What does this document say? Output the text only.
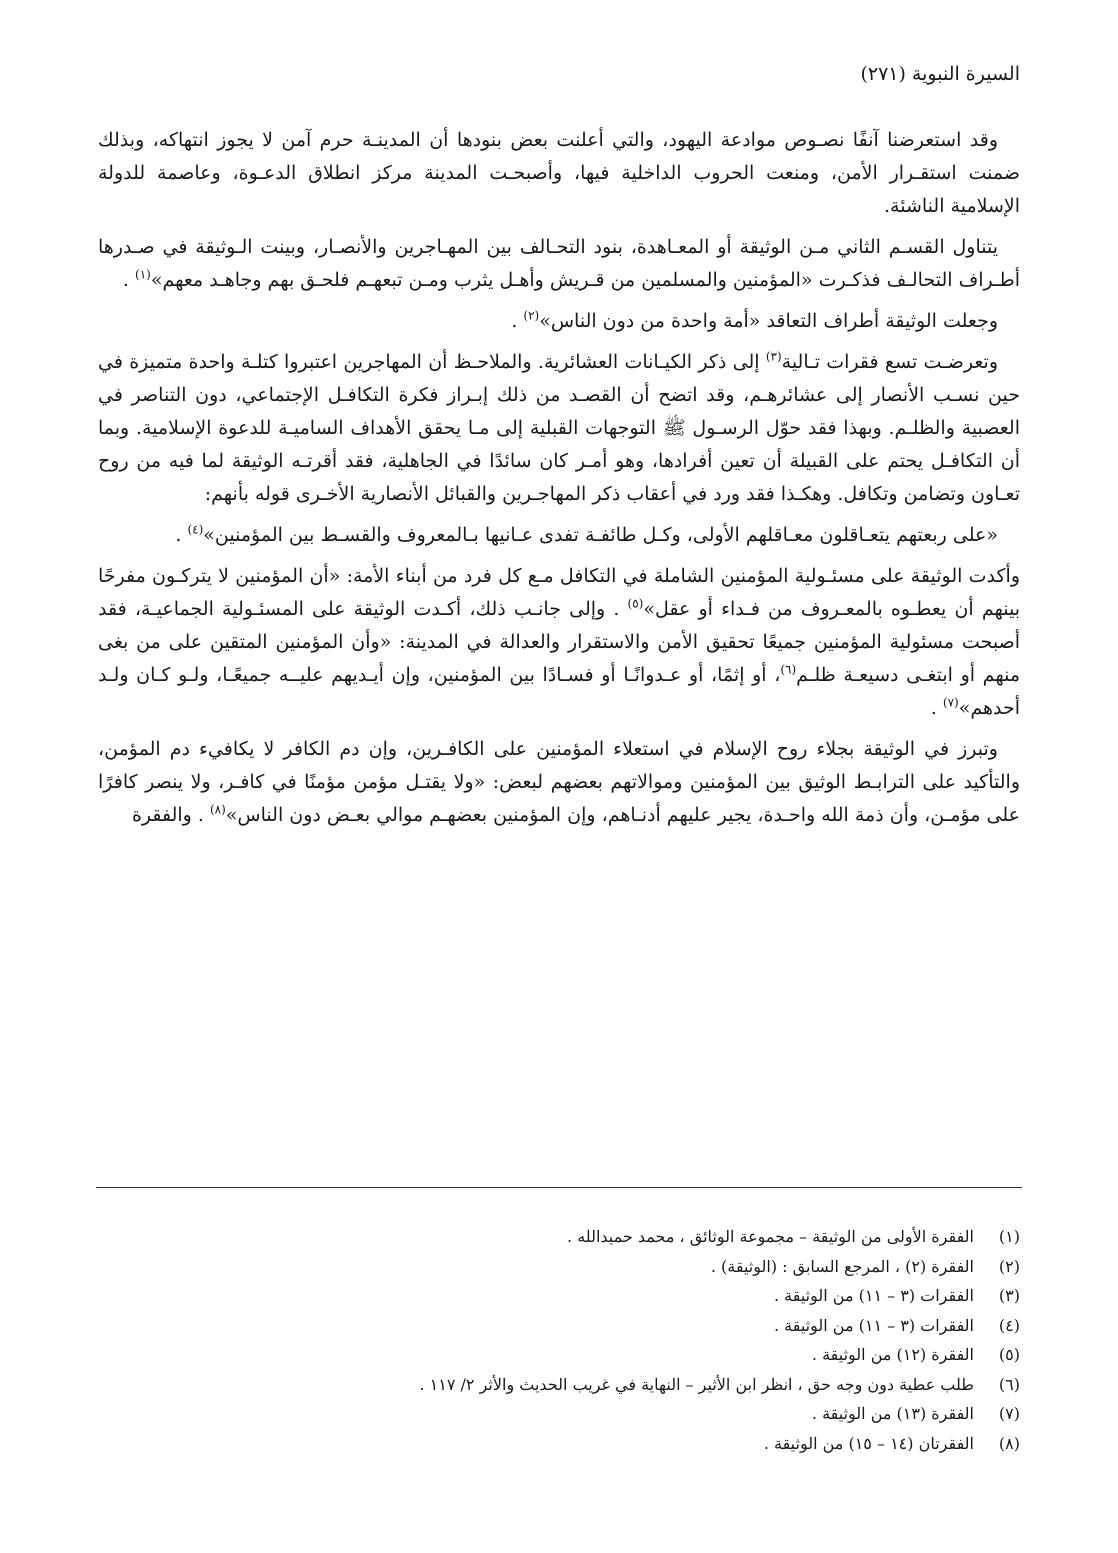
السيرة النبوية (٢٧١)

وقد استعرضنا آنفًا نصـوص موادعة اليهود، والتي أعلنت بعض بنودها أن المدينـة حرم آمن لا يجوز انتهاكه، وبذلك ضمنت استقـرار الأمن، ومنعت الحروب الداخلية فيها، وأصبحـت المدينة مركز انطلاق الدعـوة، وعاصمة للدولة الإسلامية الناشئة.

يتناول القسـم الثاني مـن الوثيقة أو المعـاهدة، بنود التحـالف بين المهـاجرين والأنصـار، وبينت الـوثيقة في صـدرها أطـراف التحالـف فذكـرت «المؤمنين والمسلمين من قـريش وأهـل يثرب ومـن تبعهـم فلحـق بهم وجاهـد معهم»$^{(١)}$ .

وجعلت الوثيقة أطراف التعاقد «أمة واحدة من دون الناس»$^{(٢)}$ .

وتعرضـت تسع فقرات تـالية$^{(٣)}$ إلى ذكر الكيـانات العشائرية. والملاحـظ أن المهاجرين اعتبروا كتلـة واحدة متميزة في حين نسـب الأنصار إلى عشائرهـم، وقد اتضح أن القصـد من ذلك إبـراز فكرة التكافـل الإجتماعي، دون التناصر في العصبية والظلـم. وبهذا فقد حوّل الرسـول ﷺ التوجهات القبلية إلى مـا يحقق الأهداف الساميـة للدعوة الإسلامية. وبما أن التكافـل يحتم على القبيلة أن تعين أفرادها، وهو أمـر كان سائدًا في الجاهلية، فقد أقرتـه الوثيقة لما فيه من روح تعـاون وتضامن وتكافل. وهكـذا فقد ورد في أعقاب ذكر المهاجـرين والقبائل الأنصارية الأخـرى قوله بأنهم:

«على ربعتهم يتعـاقلون معـاقلهم الأولى، وكـل طائفـة تفدى عـانيها بـالمعروف والقسـط بين المؤمنين»$^{(٤)}$ .

وأكدت الوثيقة على مسئـولية المؤمنين الشاملة في التكافل مـع كل فرد من أبناء الأمة: «أن المؤمنين لا يتركـون مفرحًا بينهم أن يعطـوه بالمعـروف من فـداء أو عقل»$^{(٥)}$ . وإلى جانـب ذلك، أكـدت الوثيقة على المسئـولية الجماعيـة، فقد أصبحت مسئولية المؤمنين جميعًا تحقيق الأمن والاستقرار والعدالة في المدينة: «وأن المؤمنين المتقين على من بغى منهم أو ابتغـى دسيعـة ظلـم$^{(٦)}$، أو إثمًا، أو عـدوانًـا أو فسـادًا بين المؤمنين، وإن أيـديهم عليــه جميعًـا، ولـو كـان ولـد أحدهم»$^{(٧)}$ .

وتبرز في الوثيقة بجلاء روح الإسلام في استعلاء المؤمنين على الكافـرين، وإن دم الكافر لا يكافيء دم المؤمن، والتأكيد على الترابـط الوثيق بين المؤمنين وموالاتهم بعضهم لبعض: «ولا يقتـل مؤمن مؤمنًا في كافـر، ولا ينصر كافرًا على مؤمـن، وأن ذمة الله واحـدة، يجير عليهم أدنـاهم، وإن المؤمنين بعضهـم موالي بعـض دون الناس»$^{(٨)}$ . والفقرة

(١)
الفقرة الأولى من الوثيقة – مجموعة الوثائق ، محمد حميدالله .
(٢)
الفقرة (٢) ، المرجع السابق : (الوثيقة) .
(٣)
الفقرات (٣ – ١١) من الوثيقة .
(٤)
الفقرات (٣ – ١١) من الوثيقة .
(٥)
الفقرة (١٢) من الوثيقة .
(٦)
طلب عطية دون وجه حق ، انظر ابن الأثير – النهاية في غريب الحديث والأثر ٢/ ١١٧ .
(٧)
الفقرة (١٣) من الوثيقة .
(٨)
الفقرتان (١٤ – ١٥) من الوثيقة .
